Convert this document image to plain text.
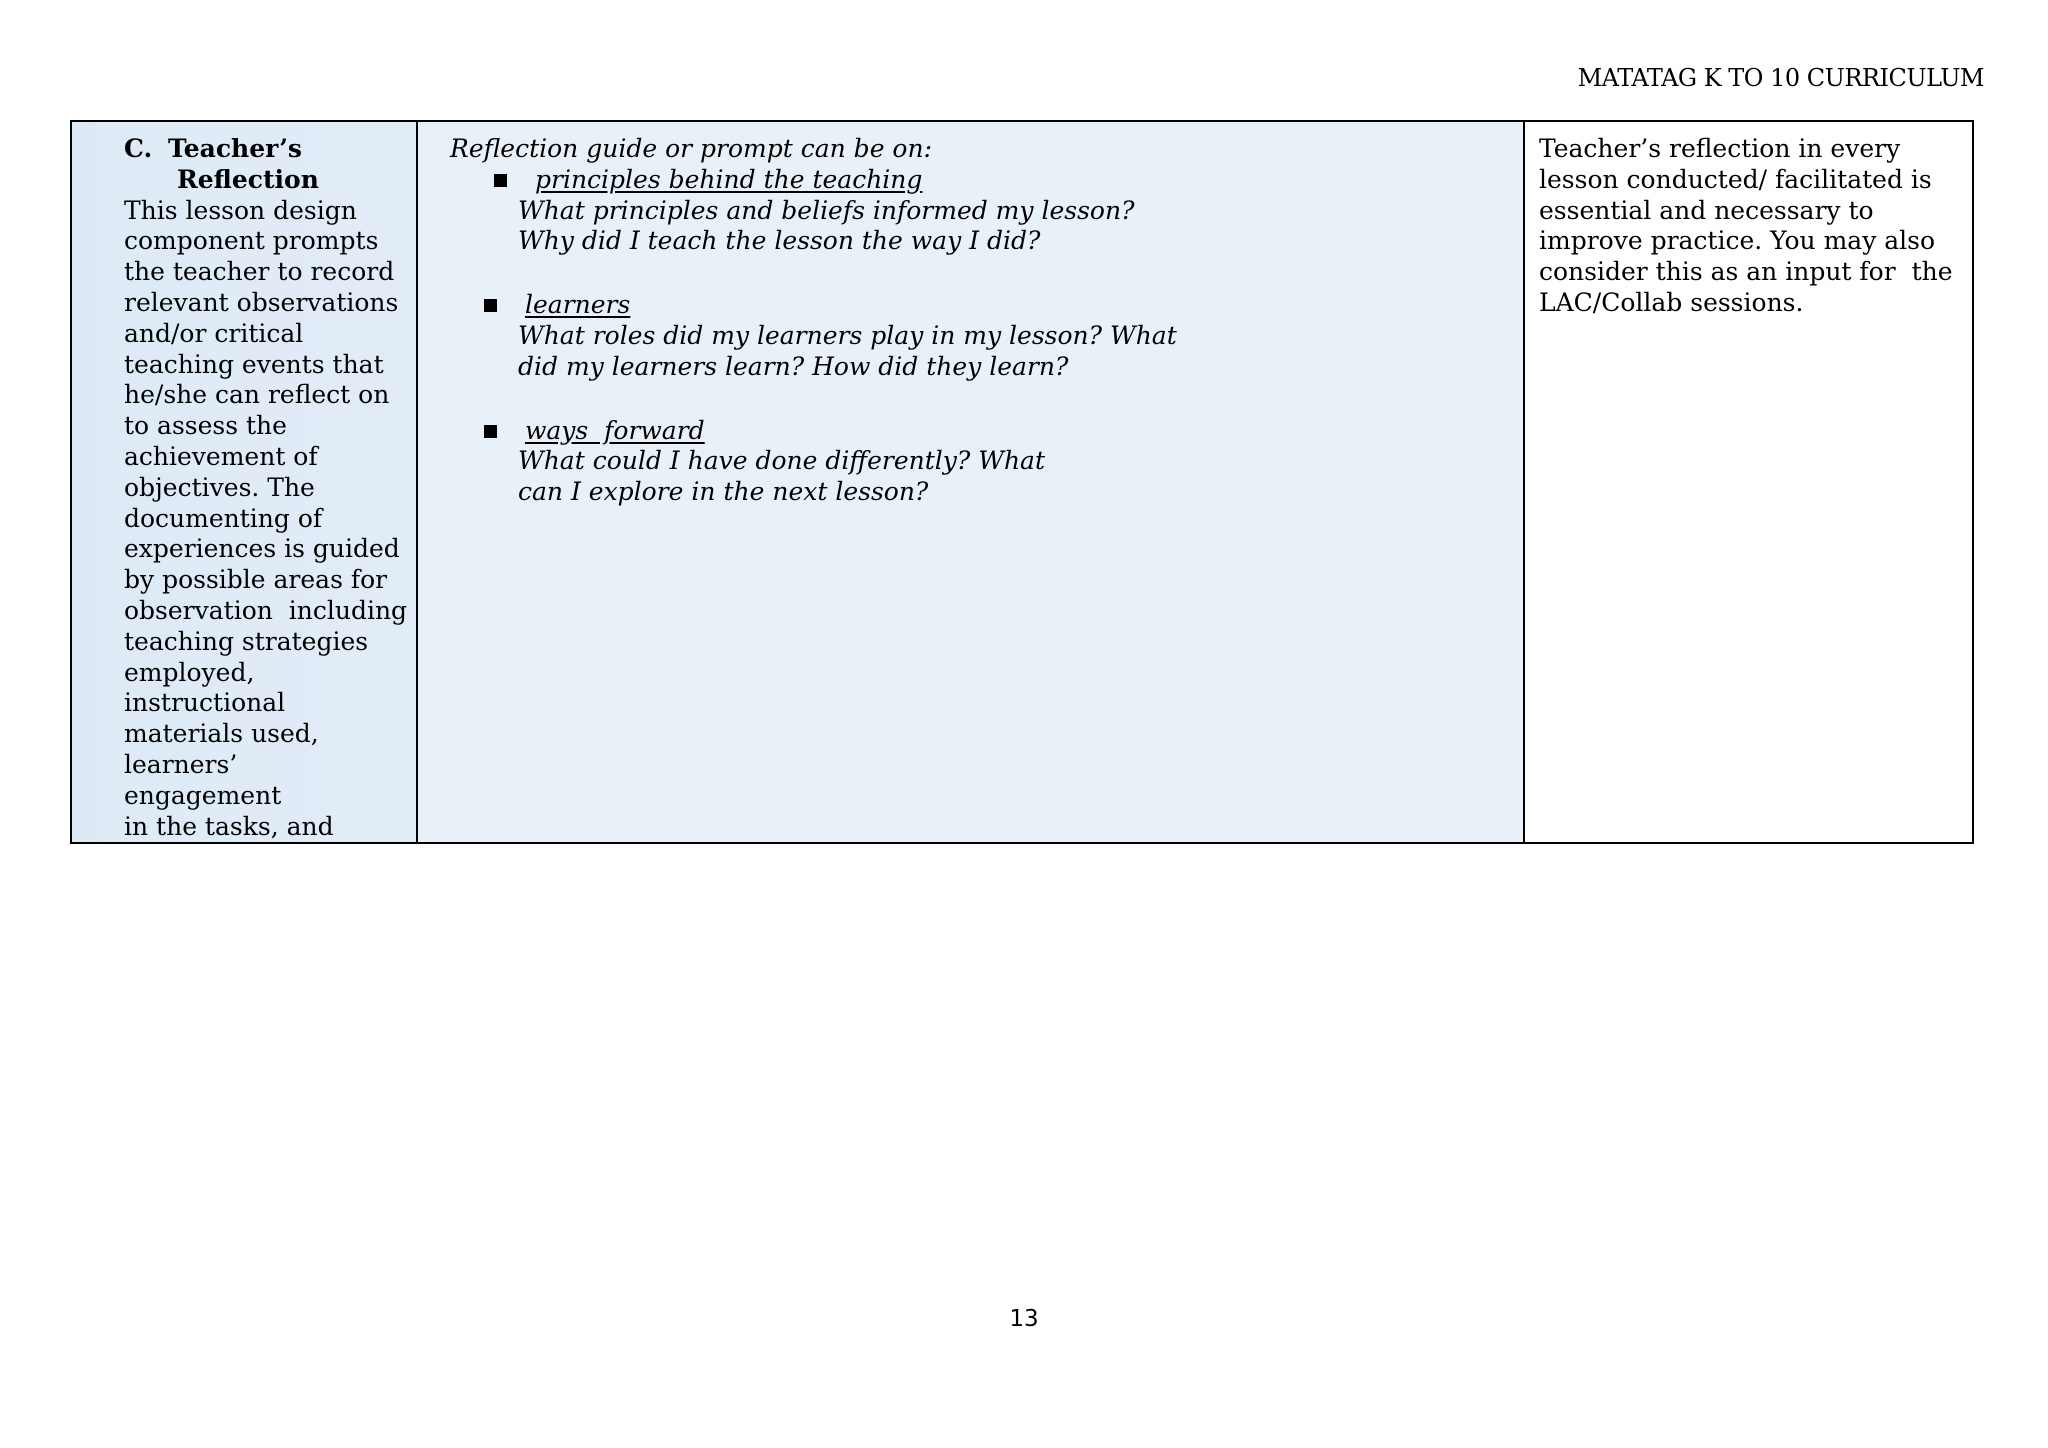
MATATAG K TO 10 CURRICULUM

C. Teacher’s
Reflection

This lesson design
component prompts
the teacher to record
relevant observations
and/or critical
teaching events that
he/she can reflect on
to assess the
achievement of
objectives. The
documenting of
experiences is guided
by possible areas for
observation  including
teaching strategies
employed,
instructional
materials used,
learners’ engagement
in the tasks, and

Reflection guide or prompt can be on:

principles behind the teaching
What principles and beliefs informed my lesson?
Why did I teach the lesson the way I did?
learners
What roles did my learners play in my lesson? What
did my learners learn? How did they learn?
ways  forward
What could I have done differently? What
can I explore in the next lesson?

Teacher’s reflection in every
lesson conducted/ facilitated is
essential and necessary to
improve practice. You may also
consider this as an input for  the
LAC/Collab sessions.
13
